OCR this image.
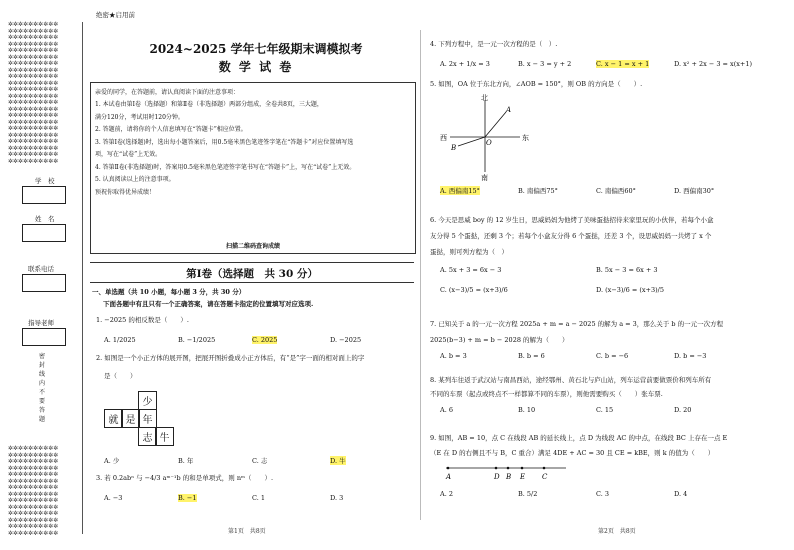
绝密★启用前
✲✲✲✲✲✲✲✲✲✲
✲✲✲✲✲✲✲✲✲✲
✲✲✲✲✲✲✲✲✲✲
✲✲✲✲✲✲✲✲✲✲
✲✲✲✲✲✲✲✲✲✲
✲✲✲✲✲✲✲✲✲✲
✲✲✲✲✲✲✲✲✲✲
✲✲✲✲✲✲✲✲✲✲
✲✲✲✲✲✲✲✲✲✲
✲✲✲✲✲✲✲✲✲✲
✲✲✲✲✲✲✲✲✲✲
✲✲✲✲✲✲✲✲✲✲
✲✲✲✲✲✲✲✲✲✲
✲✲✲✲✲✲✲✲✲✲
✲✲✲✲✲✲✲✲✲✲
✲✲✲✲✲✲✲✲✲✲
✲✲✲✲✲✲✲✲✲✲
✲✲✲✲✲✲✲✲✲✲
✲✲✲✲✲✲✲✲✲✲
✲✲✲✲✲✲✲✲✲✲
✲✲✲✲✲✲✲✲✲✲
✲✲✲✲✲✲✲✲✲✲
学　校
姓　名
联系电话
指导老师
密
封
线
内
不
要
答
题
✲✲✲✲✲✲✲✲✲✲
✲✲✲✲✲✲✲✲✲✲
✲✲✲✲✲✲✲✲✲✲
✲✲✲✲✲✲✲✲✲✲
✲✲✲✲✲✲✲✲✲✲
✲✲✲✲✲✲✲✲✲✲
✲✲✲✲✲✲✲✲✲✲
✲✲✲✲✲✲✲✲✲✲
✲✲✲✲✲✲✲✲✲✲
✲✲✲✲✲✲✲✲✲✲
✲✲✲✲✲✲✲✲✲✲
✲✲✲✲✲✲✲✲✲✲
✲✲✲✲✲✲✲✲✲✲
✲✲✲✲✲✲✲✲✲✲
2024~2025 学年七年级期末调模拟考
数 学 试 卷
亲爱的同学，在答题前，请认真阅读下面的注意事项：
1. 本试卷由第Ⅰ卷（选择题）和第Ⅱ卷（非选择题）两部分组成，全卷共8页，三大题，
满分120分，考试用时120分钟。
2. 答题前，请将你的个人信息填写在“答题卡”相应位置。
3. 答第Ⅰ卷(选择题)时，选出每小题答案后，用0.5毫米黑色笔迹签字笔在“答题卡”对应位置填写选
项，写在“试卷”上无效。
4. 答第Ⅱ卷(非选择题)时，答案用0.5毫米黑色笔迹签字笔书写在“答题卡”上，写在“试卷”上无效。
5. 认真阅读以上的注意事项。
预祝你取得优异成绩！
扫描二维码查询成绩
第Ⅰ卷（选择题　共 30 分）
一、单选题（共 10 小题，每小题 3 分，共 30 分）
下面各题中有且只有一个正确答案，请在答题卡指定的位置填写对应选项.
1. −2025 的相反数是（　　）.
A. 1/2025	B. −1/2025	C. 2025	D. −2025
2. 如图是一个小正方体的展开图，把展开图折叠成小正方体后，有“是”字一面的相对面上的字
是（　　）
少
就 是 年
志 牛
A. 少	B. 年	C. 志	D. 牛
3. 若 0.2abⁿ 与 −4/3 aᵐ⁻¹b 的和是单项式，则 nᵐ（　　）.
A. −3	B. −1	C. 1	D. 3
第1页　共8页
4. 下列方程中，是一元一次方程的是（　）.
A. 2x + 1/x = 3	B. x − 3 = y + 2	C. x − 1 = x + 1	D. x² + 2x − 3 = x(x+1)
5. 如图，OA 位于东北方向，∠AOB = 150°，则 OB 的方向是（　　）.
北
南
东
西
A
B
O
A. 西偏南15°	B. 南偏西75°	C. 南偏西60°	D. 西偏南30°
6. 今天是思威 boy 的 12 岁生日，思威妈妈为他烤了美味蛋挞招待来家里玩的小伙伴，若每个小盒
友分得 5 个蛋挞，还剩 3 个；若每个小盒友分得 6 个蛋挞，还差 3 个，设思威妈妈一共烤了 x 个
蛋挞，则可列方程为（　）
A. 5x + 3 = 6x − 3	B. 5x − 3 = 6x + 3
C. (x−3)/5 = (x+3)/6	D. (x−3)/6 = (x+3)/5
7. 已知关于 a 的一元一次方程 2025a + m = a − 2025 的解为 a = 3，那么关于 b 的一元一次方程
2025(b−3) + m = b − 2028 的解为（　　）
A. b = 3	B. b = 6	C. b = −6	D. b = −3
8. 某列车往返于武汉站与南昌西站，途经鄂州、黄石北与庐山站，列车运营前要做票价和列车所有
不同的车票（起点或终点不一样都算不同的车票），则他需要购买（　　）张车票.
A. 6	B. 10	C. 15	D. 20
9. 如图，AB = 10，点 C 在线段 AB 的延长线上，点 D 为线段 AC 的中点，在线段 BC 上存在一点 E
（E 在 D 的右侧且不与 B，C 重合）满足 4DE + AC = 30 且 CE = kBE，则 k 的值为（　　）
A	D B E C
A. 2	B. 5/2	C. 3	D. 4
第2页　共8页
